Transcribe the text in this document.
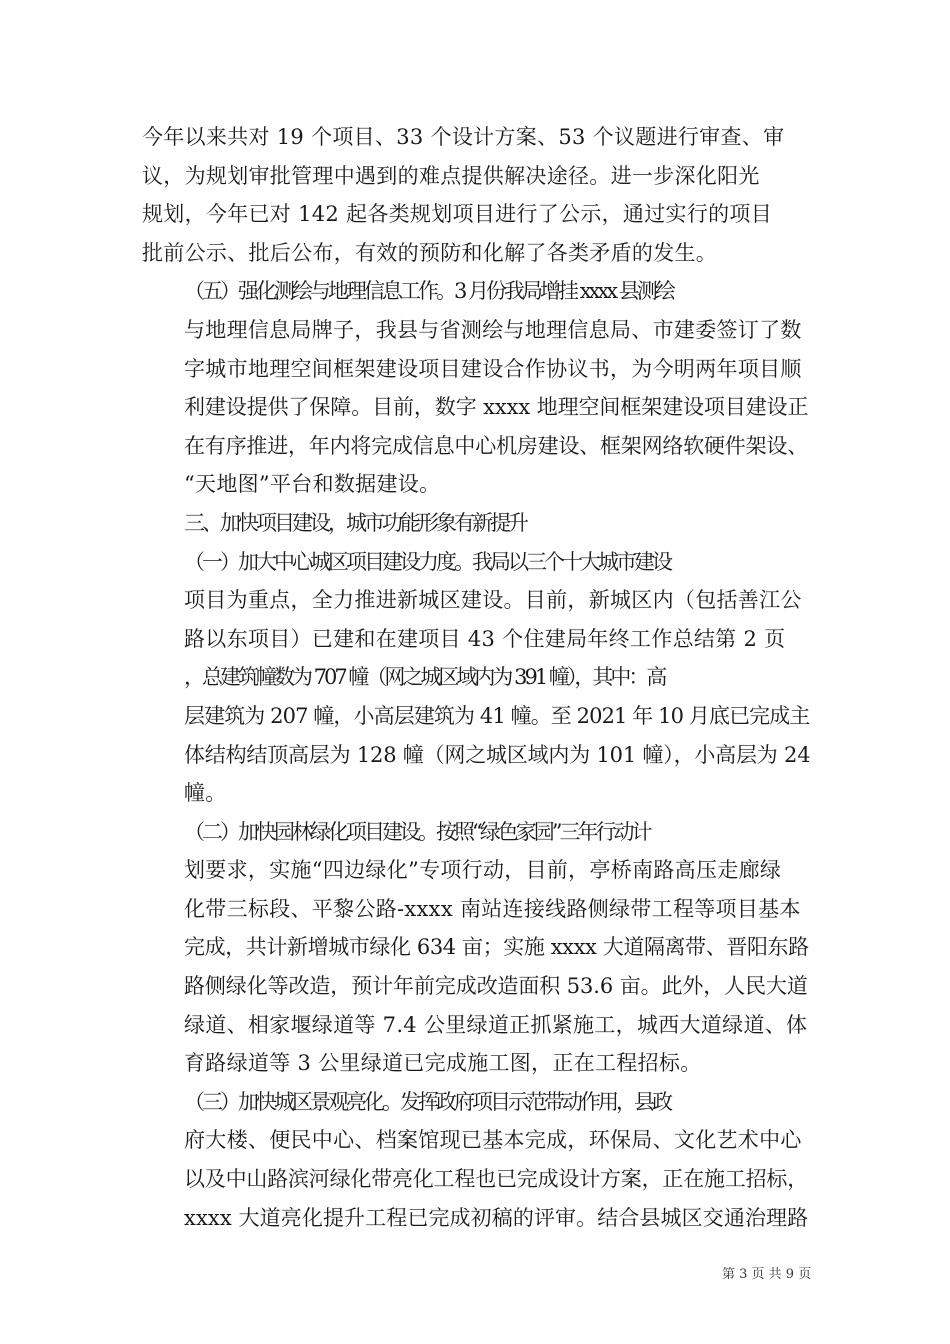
今年以来共对 19 个项目、33 个设计方案、53 个议题进行审查、审
议，为规划审批管理中遇到的难点提供解决途径。进一步深化阳光
规划，今年已对 142 起各类规划项目进行了公示，通过实行的项目
批前公示、批后公布，有效的预防和化解了各类矛盾的发生。

（五）强化测绘与地理信息工作。3 月份我局增挂 xxxx 县测绘
与地理信息局牌子，我县与省测绘与地理信息局、市建委签订了数
字城市地理空间框架建设项目建设合作协议书，为今明两年项目顺
利建设提供了保障。目前，数字 xxxx 地理空间框架建设项目建设正
在有序推进，年内将完成信息中心机房建设、框架网络软硬件架设、
“天地图”平台和数据建设。

三、加快项目建设，城市功能形象有新提升

（一）加大中心城区项目建设力度。我局以三个十大城市建设
项目为重点，全力推进新城区建设。目前，新城区内（包括善江公
路以东项目）已建和在建项目 43 个住建局年终工作总结第 2 页

，总建筑幢数为 707 幢（网之城区域内为 391 幢），其中：高
层建筑为 207 幢，小高层建筑为 41 幢。至 2021 年 10 月底已完成主
体结构结顶高层为 128 幢（网之城区域内为 101 幢），小高层为 24
幢。

（二）加快园林绿化项目建设。按照“绿色家园”三年行动计
划要求，实施“四边绿化”专项行动，目前，亭桥南路高压走廊绿
化带三标段、平黎公路-xxxx 南站连接线路侧绿带工程等项目基本
完成，共计新增城市绿化 634 亩；实施 xxxx 大道隔离带、晋阳东路
路侧绿化等改造，预计年前完成改造面积 53.6 亩。此外，人民大道
绿道、相家堰绿道等 7.4 公里绿道正抓紧施工，城西大道绿道、体
育路绿道等 3 公里绿道已完成施工图，正在工程招标。

（三）加快城区景观亮化。发挥政府项目示范带动作用，县政
府大楼、便民中心、档案馆现已基本完成，环保局、文化艺术中心
以及中山路滨河绿化带亮化工程也已完成设计方案，正在施工招标，
xxxx 大道亮化提升工程已完成初稿的评审。结合县城区交通治理路

第 3 页 共 9 页
